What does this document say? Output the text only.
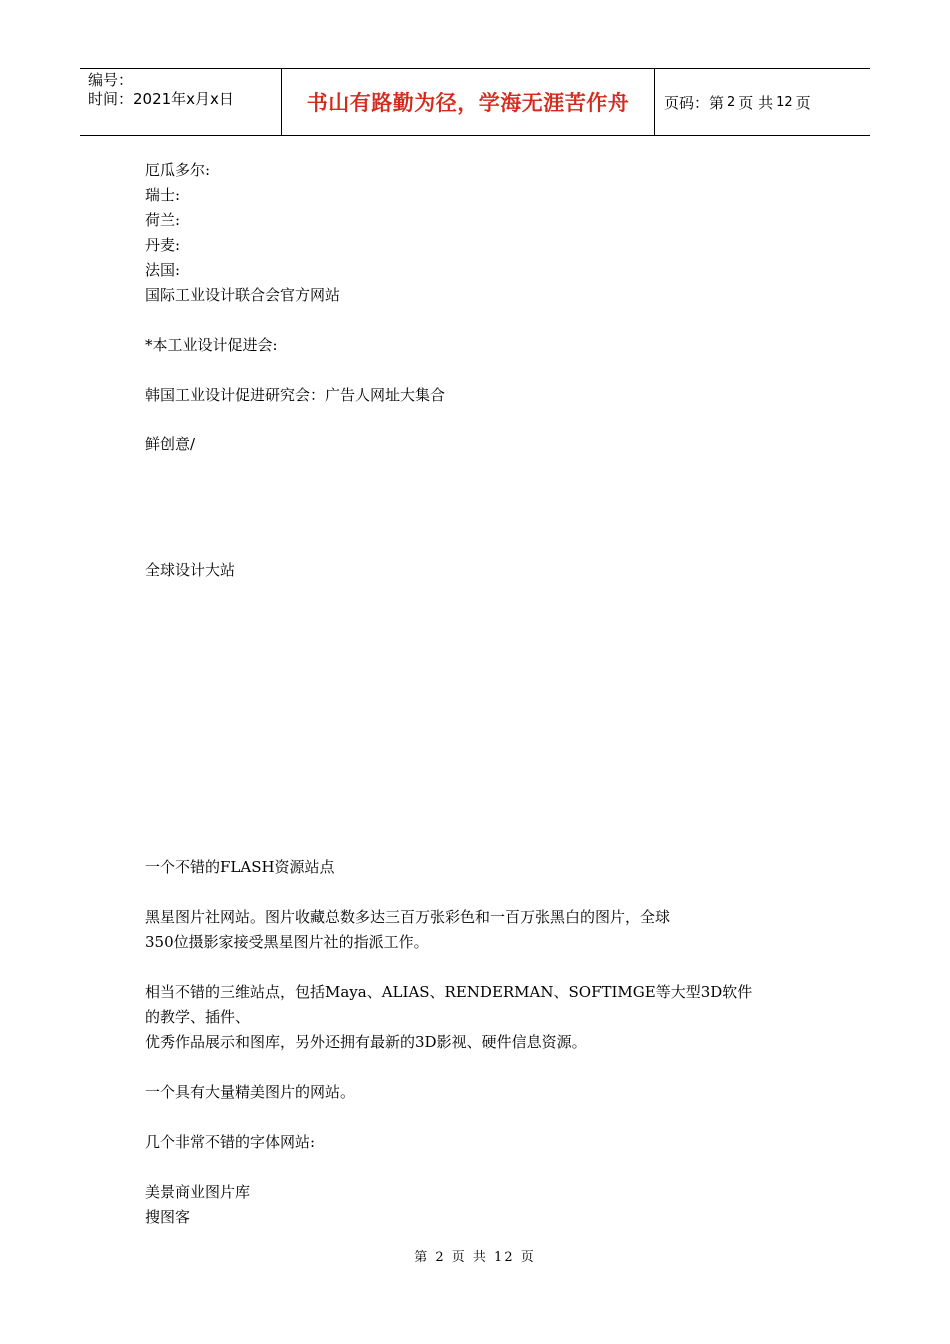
编号：
时间：2021年x月x日	书山有路勤为径，学海无涯苦作舟	页码：第 2 页 共 12 页
厄瓜多尔:
瑞士:
荷兰:
丹麦:
法国:
国际工业设计联合会官方网站
*本工业设计促进会:
韩国工业设计促进研究会：广告人网址大集合
鲜创意/
全球设计大站
一个不错的FLASH资源站点
黑星图片社网站。图片收藏总数多达三百万张彩色和一百万张黑白的图片，全球
350位摄影家接受黑星图片社的指派工作。
相当不错的三维站点，包括Maya、ALIAS、RENDERMAN、SOFTIMGE等大型3D软件
的教学、插件、
优秀作品展示和图库，另外还拥有最新的3D影视、硬件信息资源。
一个具有大量精美图片的网站。
几个非常不错的字体网站:
美景商业图片库
搜图客
第 2 页 共 12 页
